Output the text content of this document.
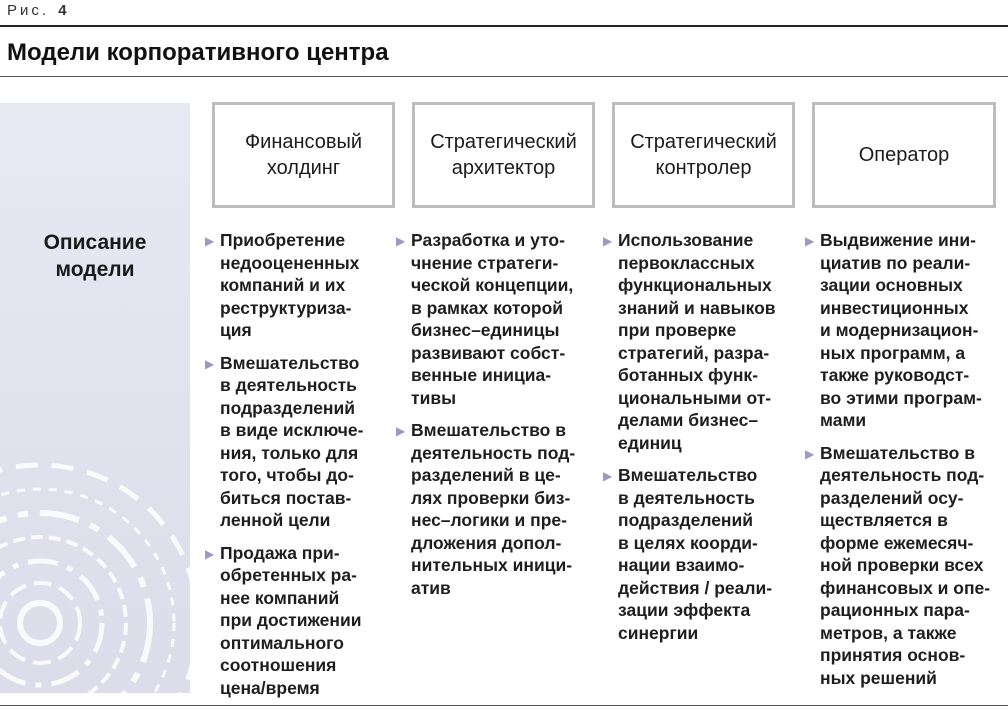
Рис. 4
Модели корпоративного центра
Описание
модели
Финансовый
холдинг
Стратегический
архитектор
Стратегический
контролер
Оператор
▶ Приобретение
недооцененных
компаний и их
реструктуриза-
ция
▶ Вмешательство
в деятельность
подразделений
в виде исключе-
ния, только для
того, чтобы до-
биться постав-
ленной цели
▶ Продажа при-
обретенных ра-
нее компаний
при достижении
оптимального
соотношения
цена/время
▶ Разработка и уто-
чнение стратеги-
ческой концепции,
в рамках которой
бизнес–единицы
развивают собст-
венные инициа-
тивы
▶ Вмешательство в
деятельность под-
разделений в це-
лях проверки биз-
нес–логики и пре-
дложения допол-
нительных иници-
атив
▶ Использование
первоклассных
функциональных
знаний и навыков
при проверке
стратегий, разра-
ботанных функ-
циональными от-
делами бизнес–
единиц
▶ Вмешательство
в деятельность
подразделений
в целях коорди-
нации взаимо-
действия / реали-
зации эффекта
синергии
▶ Выдвижение ини-
циатив по реали-
зации основных
инвестиционных
и модернизацион-
ных программ, а
также руководст-
во этими програм-
мами
▶ Вмешательство в
деятельность под-
разделений осу-
ществляется в
форме ежемесяч-
ной проверки всех
финансовых и опе-
рационных пара-
метров, а также
принятия основ-
ных решений
